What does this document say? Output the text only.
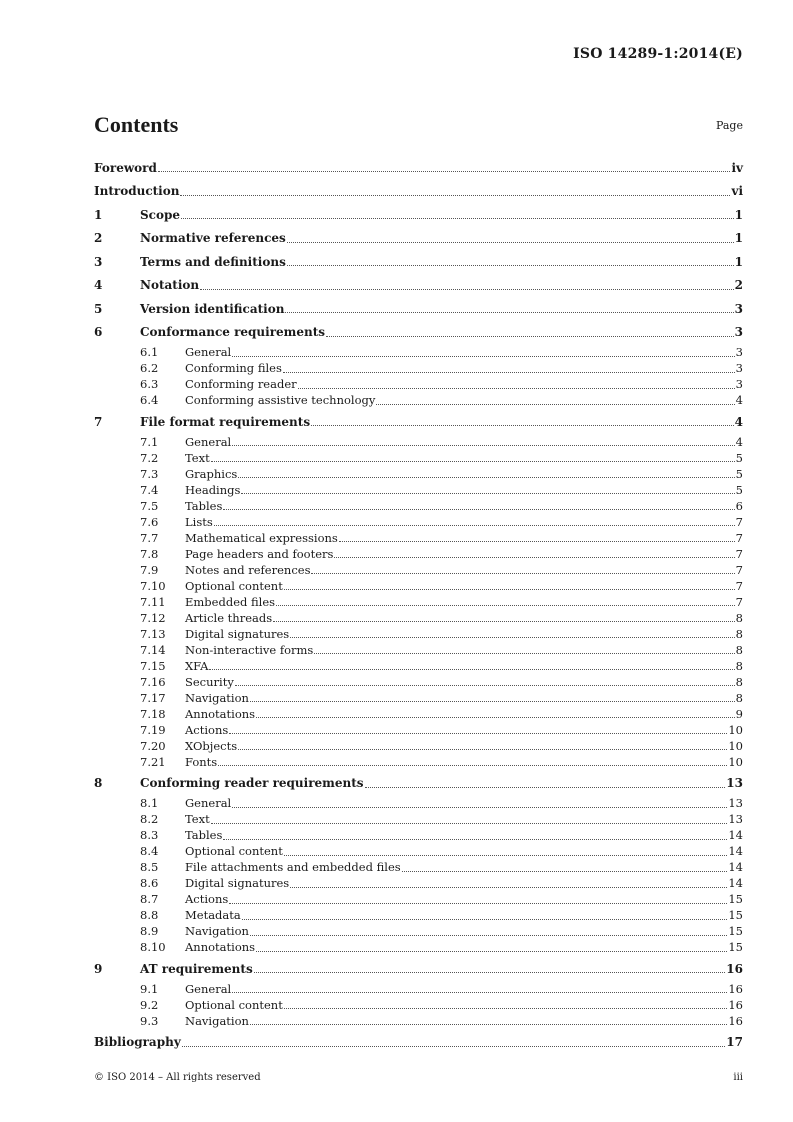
ISO 14289-1:2014(E)
Contents	Page
Foreword	iv
Introduction	vi
1	Scope	1
2	Normative references	1
3	Terms and definitions	1
4	Notation	2
5	Version identification	3
6	Conformance requirements	3
6.1	General	3
6.2	Conforming files	3
6.3	Conforming reader	3
6.4	Conforming assistive technology	4
7	File format requirements	4
7.1	General	4
7.2	Text	5
7.3	Graphics	5
7.4	Headings	5
7.5	Tables	6
7.6	Lists	7
7.7	Mathematical expressions	7
7.8	Page headers and footers	7
7.9	Notes and references	7
7.10	Optional content	7
7.11	Embedded files	7
7.12	Article threads	8
7.13	Digital signatures	8
7.14	Non-interactive forms	8
7.15	XFA	8
7.16	Security	8
7.17	Navigation	8
7.18	Annotations	9
7.19	Actions	10
7.20	XObjects	10
7.21	Fonts	10
8	Conforming reader requirements	13
8.1	General	13
8.2	Text	13
8.3	Tables	14
8.4	Optional content	14
8.5	File attachments and embedded files	14
8.6	Digital signatures	14
8.7	Actions	15
8.8	Metadata	15
8.9	Navigation	15
8.10	Annotations	15
9	AT requirements	16
9.1	General	16
9.2	Optional content	16
9.3	Navigation	16
Bibliography	17
© ISO 2014 – All rights reserved	iii
